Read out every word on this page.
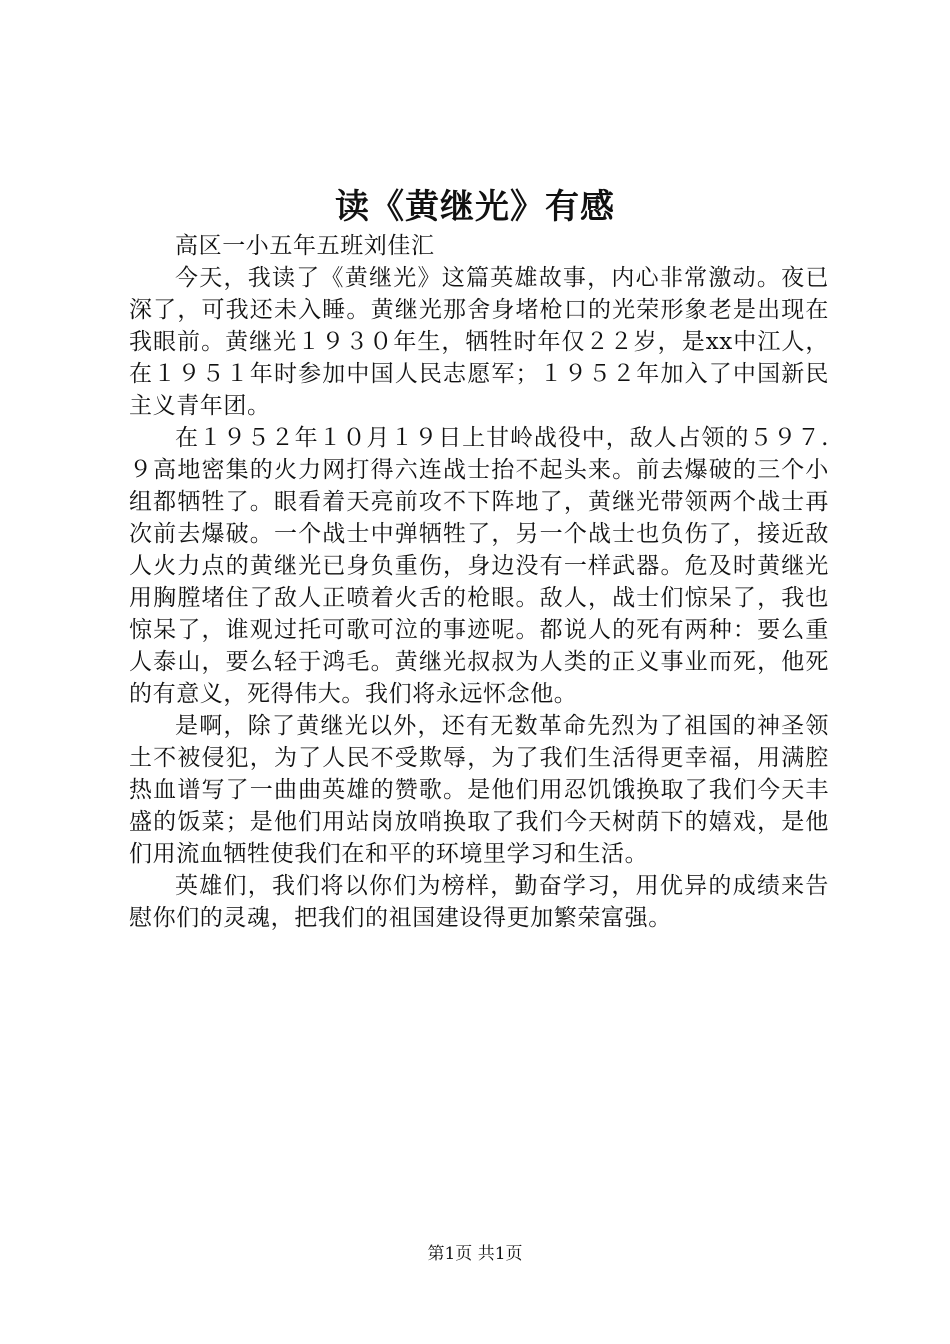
读《黄继光》有感

高区一小五年五班刘佳汇

今天，我读了《黄继光》这篇英雄故事，内心非常激动。夜已深了，可我还未入睡。黄继光那舍身堵枪口的光荣形象老是出现在我眼前。黄继光１９３０年生，牺牲时年仅２２岁，是xx中江人，在１９５１年时参加中国人民志愿军；１９５２年加入了中国新民主义青年团。

在１９５２年１０月１９日上甘岭战役中，敌人占领的５９７.９高地密集的火力网打得六连战士抬不起头来。前去爆破的三个小组都牺牲了。眼看着天亮前攻不下阵地了，黄继光带领两个战士再次前去爆破。一个战士中弹牺牲了，另一个战士也负伤了，接近敌人火力点的黄继光已身负重伤，身边没有一样武器。危及时黄继光用胸膛堵住了敌人正喷着火舌的枪眼。敌人，战士们惊呆了，我也惊呆了，谁观过托可歌可泣的事迹呢。都说人的死有两种：要么重人泰山，要么轻于鸿毛。黄继光叔叔为人类的正义事业而死，他死的有意义，死得伟大。我们将永远怀念他。

是啊，除了黄继光以外，还有无数革命先烈为了祖国的神圣领土不被侵犯，为了人民不受欺辱，为了我们生活得更幸福，用满腔热血谱写了一曲曲英雄的赞歌。是他们用忍饥饿换取了我们今天丰盛的饭菜；是他们用站岗放哨换取了我们今天树荫下的嬉戏，是他们用流血牺牲使我们在和平的环境里学习和生活。

英雄们，我们将以你们为榜样，勤奋学习，用优异的成绩来告慰你们的灵魂，把我们的祖国建设得更加繁荣富强。

第1页 共1页
